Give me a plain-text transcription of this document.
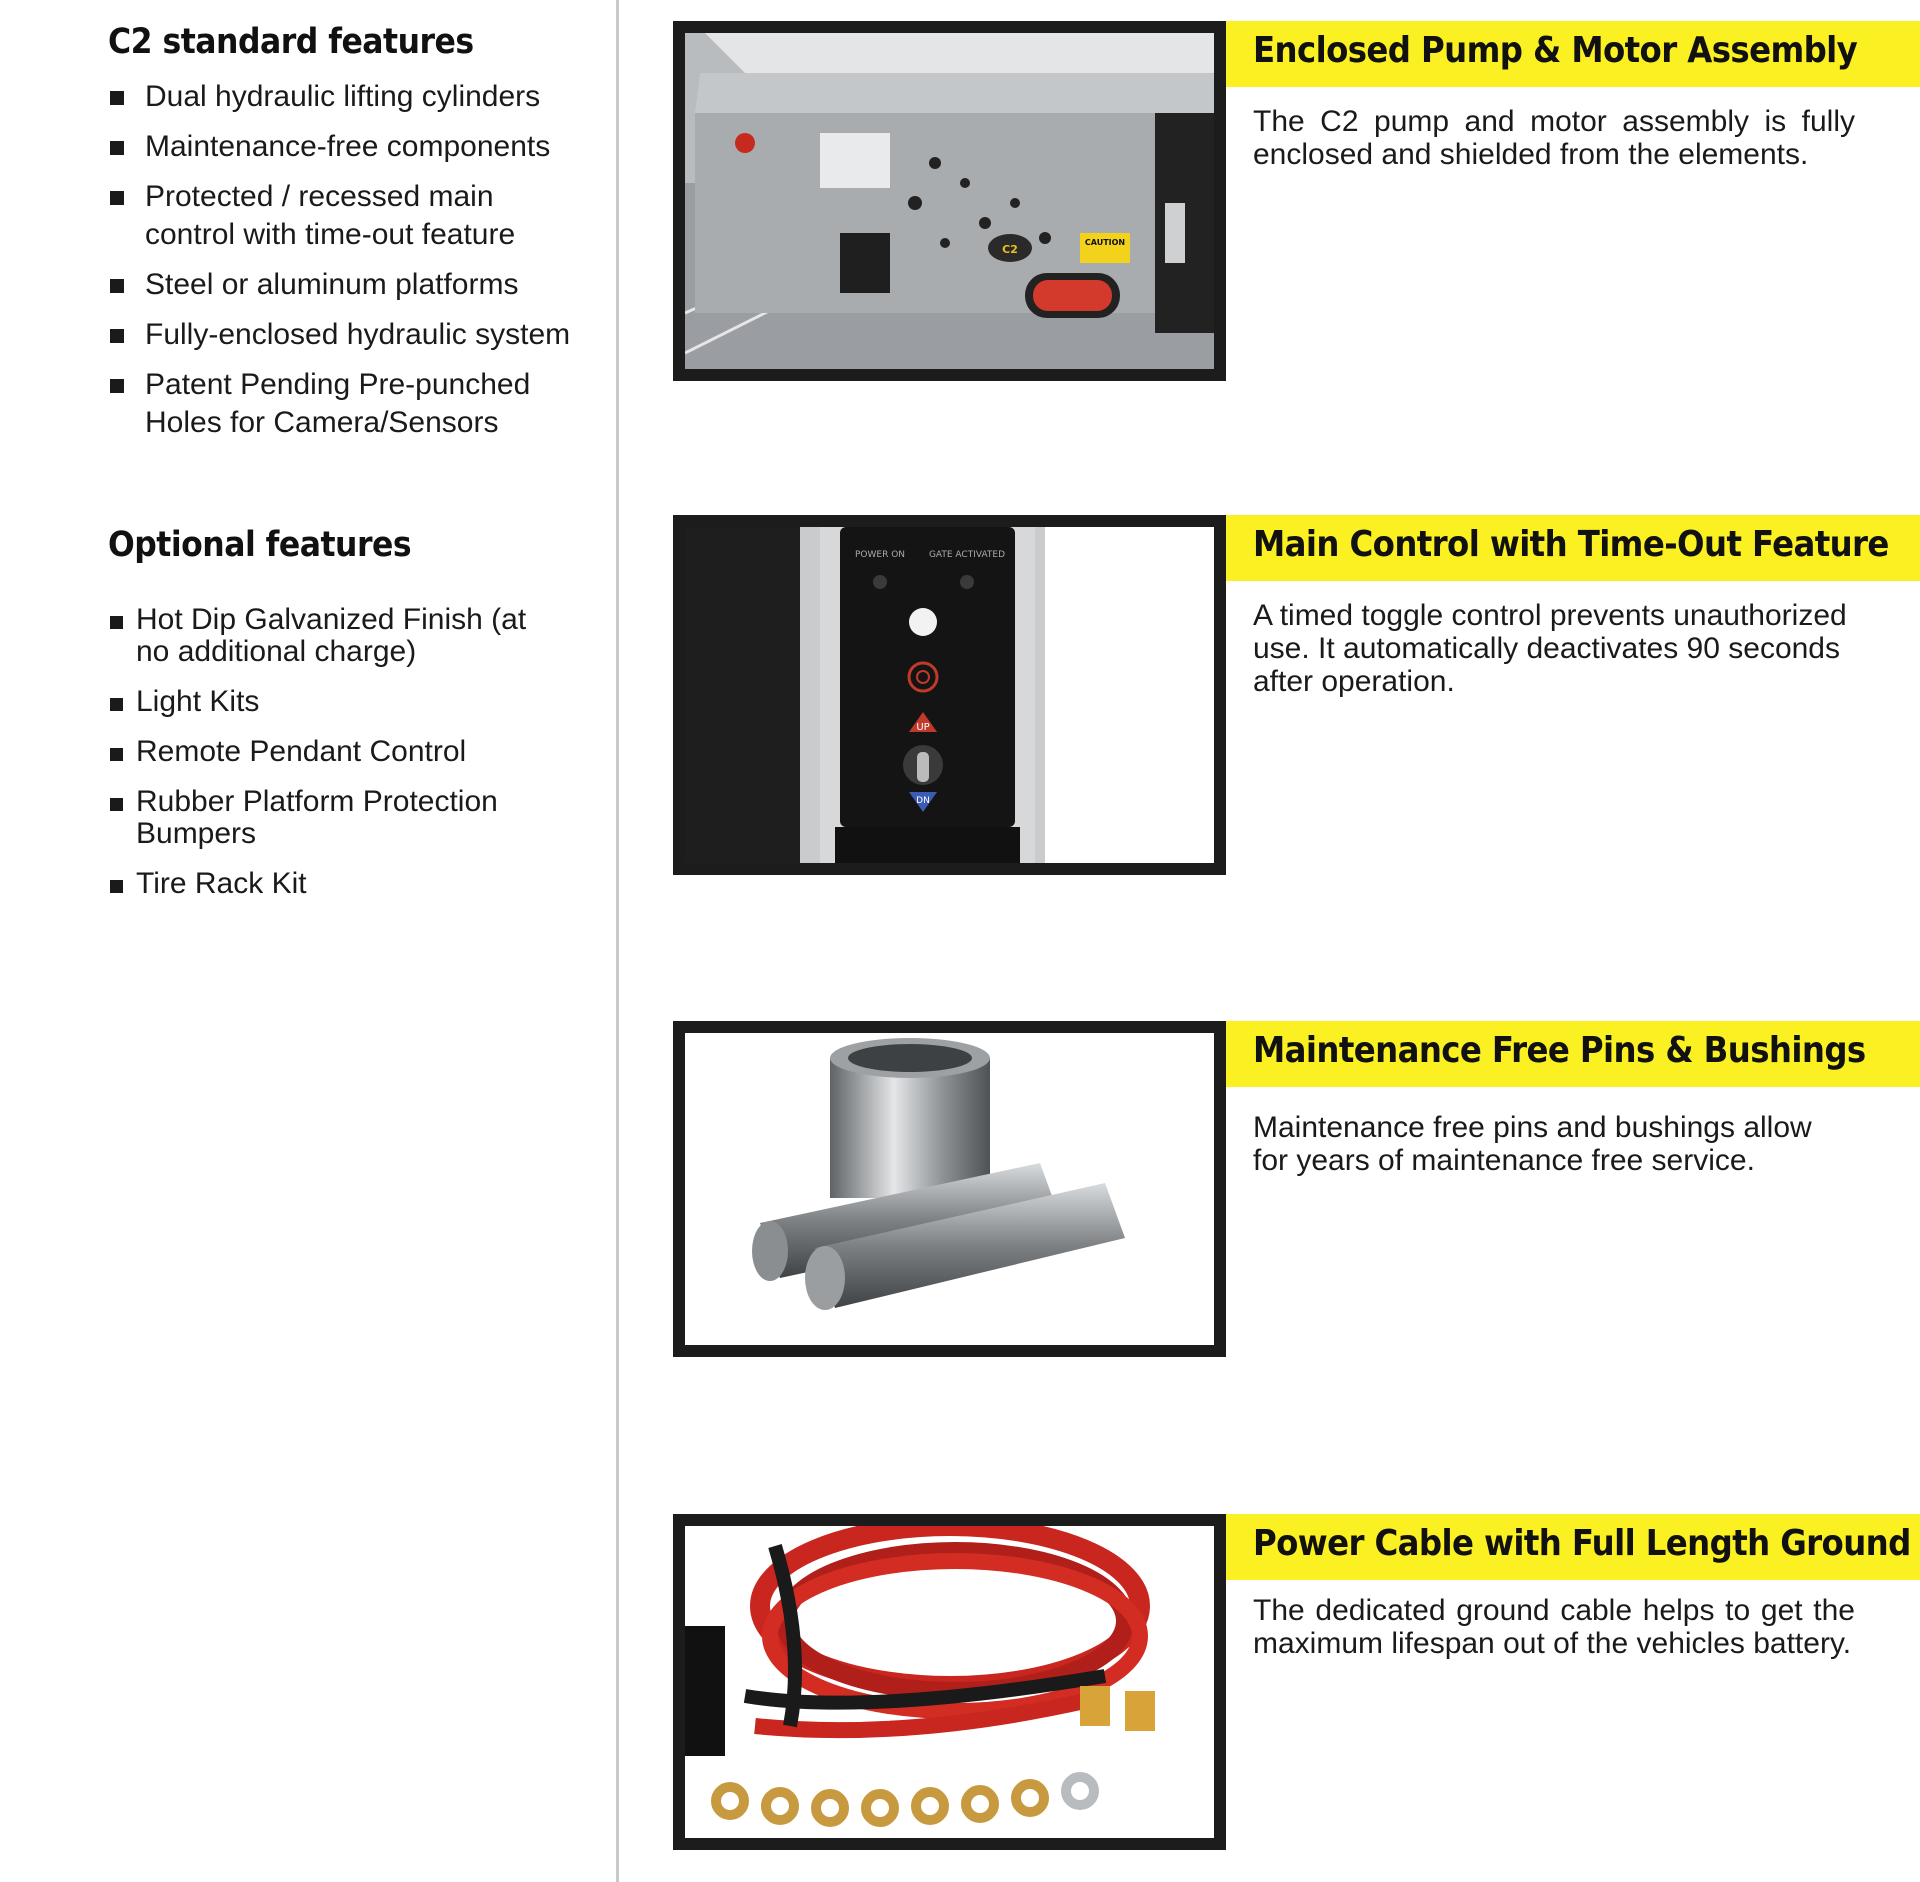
C2 standard features
Dual hydraulic lifting cylinders
Maintenance-free components
Protected / recessed main control with time-out feature
Steel or aluminum platforms
Fully-enclosed hydraulic system
Patent Pending Pre-punched Holes for Camera/Sensors
Optional features
Hot Dip Galvanized Finish (at no additional charge)
Light Kits
Remote Pendant Control
Rubber Platform Protection Bumpers
Tire Rack Kit
C2
CAUTION
Enclosed Pump & Motor Assembly

The C2 pump and motor assembly is fully enclosed and shielded from the elements.

POWER ON	GATE ACTIVATED
UP
DN
Main Control with Time-Out Feature

A timed toggle control prevents unauthorized use. It automatically deactivates 90 seconds after operation.

Maintenance Free Pins & Bushings

Maintenance free pins and bushings allow for years of maintenance free service.

Power Cable with Full Length Ground

The dedicated ground cable helps to get the maximum lifespan out of the vehicles battery.
